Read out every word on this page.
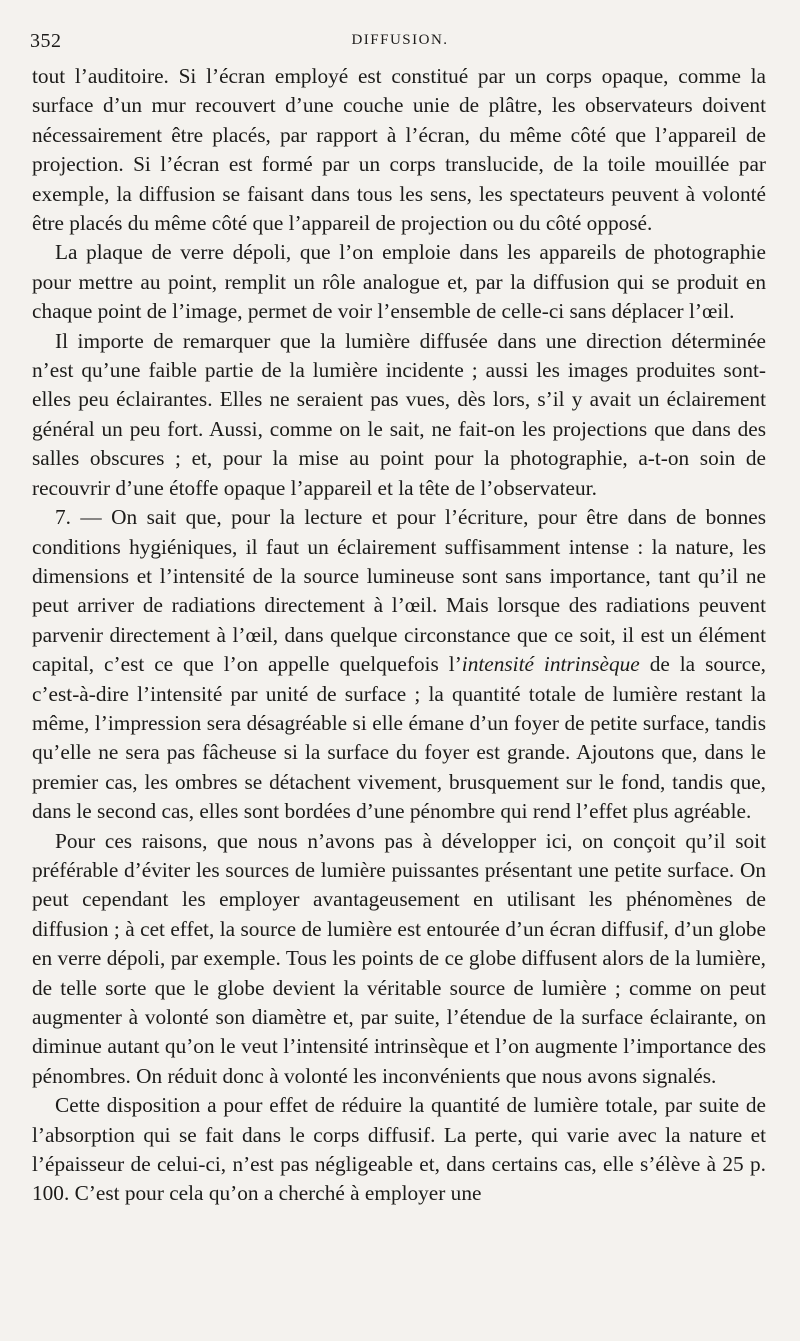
352	DIFFUSION.

tout l’auditoire. Si l’écran employé est constitué par un corps opaque, comme la surface d’un mur recouvert d’une couche unie de plâtre, les observateurs doivent nécessairement être placés, par rapport à l’écran, du même côté que l’appareil de projection. Si l’écran est formé par un corps translucide, de la toile mouillée par exemple, la diffusion se faisant dans tous les sens, les spectateurs peuvent à volonté être placés du même côté que l’appareil de projection ou du côté opposé.

La plaque de verre dépoli, que l’on emploie dans les appareils de photographie pour mettre au point, remplit un rôle analogue et, par la diffusion qui se produit en chaque point de l’image, permet de voir l’ensemble de celle-ci sans déplacer l’œil.

Il importe de remarquer que la lumière diffusée dans une direction déterminée n’est qu’une faible partie de la lumière incidente ; aussi les images produites sont-elles peu éclairantes. Elles ne seraient pas vues, dès lors, s’il y avait un éclairement général un peu fort. Aussi, comme on le sait, ne fait-on les projections que dans des salles obscures ; et, pour la mise au point pour la photographie, a-t-on soin de recouvrir d’une étoffe opaque l’appareil et la tête de l’observateur.

7. — On sait que, pour la lecture et pour l’écriture, pour être dans de bonnes conditions hygiéniques, il faut un éclairement suffisamment intense : la nature, les dimensions et l’intensité de la source lumineuse sont sans importance, tant qu’il ne peut arriver de radiations directement à l’œil. Mais lorsque des radiations peuvent parvenir directement à l’œil, dans quelque circonstance que ce soit, il est un élément capital, c’est ce que l’on appelle quelquefois l’intensité intrinsèque de la source, c’est-à-dire l’intensité par unité de surface ; la quantité totale de lumière restant la même, l’impression sera désagréable si elle émane d’un foyer de petite surface, tandis qu’elle ne sera pas fâcheuse si la surface du foyer est grande. Ajoutons que, dans le premier cas, les ombres se détachent vivement, brusquement sur le fond, tandis que, dans le second cas, elles sont bordées d’une pénombre qui rend l’effet plus agréable.

Pour ces raisons, que nous n’avons pas à développer ici, on conçoit qu’il soit préférable d’éviter les sources de lumière puissantes présentant une petite surface. On peut cependant les employer avantageusement en utilisant les phénomènes de diffusion ; à cet effet, la source de lumière est entourée d’un écran diffusif, d’un globe en verre dépoli, par exemple. Tous les points de ce globe diffusent alors de la lumière, de telle sorte que le globe devient la véritable source de lumière ; comme on peut augmenter à volonté son diamètre et, par suite, l’étendue de la surface éclairante, on diminue autant qu’on le veut l’intensité intrinsèque et l’on augmente l’importance des pénombres. On réduit donc à volonté les inconvénients que nous avons signalés.

Cette disposition a pour effet de réduire la quantité de lumière totale, par suite de l’absorption qui se fait dans le corps diffusif. La perte, qui varie avec la nature et l’épaisseur de celui-ci, n’est pas négligeable et, dans certains cas, elle s’élève à 25 p. 100. C’est pour cela qu’on a cherché à employer une
